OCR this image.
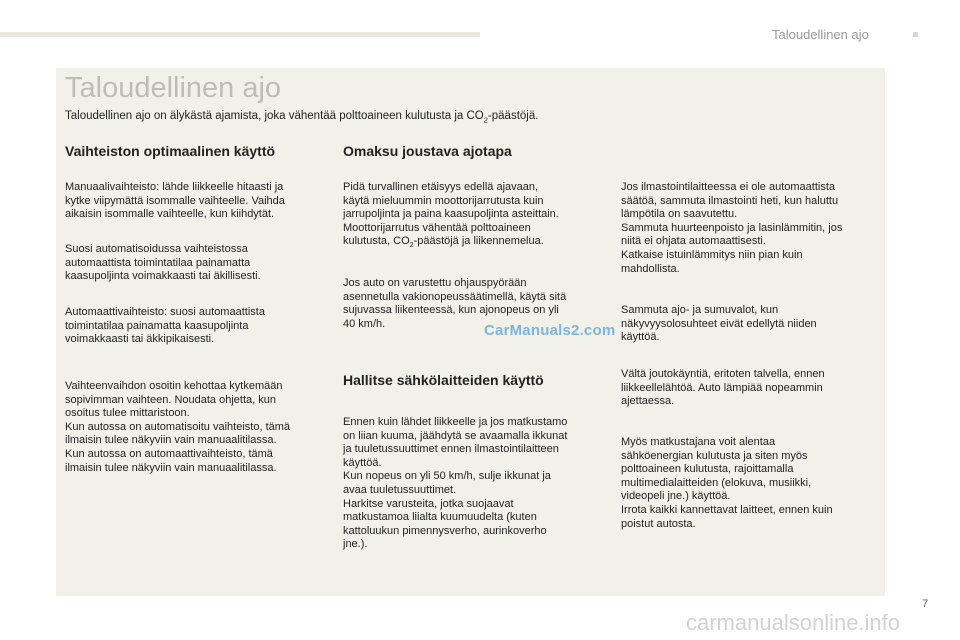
Taloudellinen ajo
Taloudellinen ajo
Taloudellinen ajo on älykästä ajamista, joka vähentää polttoaineen kulutusta ja $CO_2$-päästöjä.
Vaihteiston optimaalinen käyttö

Manuaalivaihteisto: lähde liikkeelle hitaasti ja
kytke viipymättä isommalle vaihteelle. Vaihda
aikaisin isommalle vaihteelle, kun kiihdytät.

Suosi automatisoidussa vaihteistossa
automaattista toimintatilaa painamatta
kaasupoljinta voimakkaasti tai äkillisesti.

Automaattivaihteisto: suosi automaattista
toimintatilaa painamatta kaasupoljinta
voimakkaasti tai äkkipikaisesti.

Vaihteenvaihdon osoitin kehottaa kytkemään
sopivimman vaihteen. Noudata ohjetta, kun
osoitus tulee mittaristoon.
Kun autossa on automatisoitu vaihteisto, tämä
ilmaisin tulee näkyviin vain manuaalitilassa.
Kun autossa on automaattivaihteisto, tämä
ilmaisin tulee näkyviin vain manuaalitilassa.

Omaksu joustava ajotapa

Pidä turvallinen etäisyys edellä ajavaan,
käytä mieluummin moottorijarrutusta kuin
jarrupoljinta ja paina kaasupoljinta asteittain.
Moottorijarrutus vähentää polttoaineen
kulutusta, $CO_2$-päästöjä ja liikennemelua.

Jos auto on varustettu ohjauspyörään
asennetulla vakionopeussäätimellä, käytä sitä
sujuvassa liikenteessä, kun ajonopeus on yli
40 km/h.

Hallitse sähkölaitteiden käyttö

Ennen kuin lähdet liikkeelle ja jos matkustamo
on liian kuuma, jäähdytä se avaamalla ikkunat
ja tuuletussuuttimet ennen ilmastointilaitteen
käyttöä.
Kun nopeus on yli 50 km/h, sulje ikkunat ja
avaa tuuletussuuttimet.
Harkitse varusteita, jotka suojaavat
matkustamoa liialta kuumuudelta (kuten
kattoluukun pimennysverho, aurinkoverho
jne.).

Jos ilmastointilaitteessa ei ole automaattista
säätöä, sammuta ilmastointi heti, kun haluttu
lämpötila on saavutettu.
Sammuta huurteenpoisto ja lasinlämmitin, jos
niitä ei ohjata automaattisesti.
Katkaise istuinlämmitys niin pian kuin
mahdollista.

Sammuta ajo- ja sumuvalot, kun
näkyvyysolosuhteet eivät edellytä niiden
käyttöä.

Vältä joutokäyntiä, eritoten talvella, ennen
liikkeellelähtöä. Auto lämpiää nopeammin
ajettaessa.

Myös matkustajana voit alentaa
sähköenergian kulutusta ja siten myös
polttoaineen kulutusta, rajoittamalla
multimedialaitteiden (elokuva, musiikki,
videopeli jne.) käyttöä.
Irrota kaikki kannettavat laitteet, ennen kuin
poistut autosta.

CarManuals2.com
7
carmanualsonline.info
